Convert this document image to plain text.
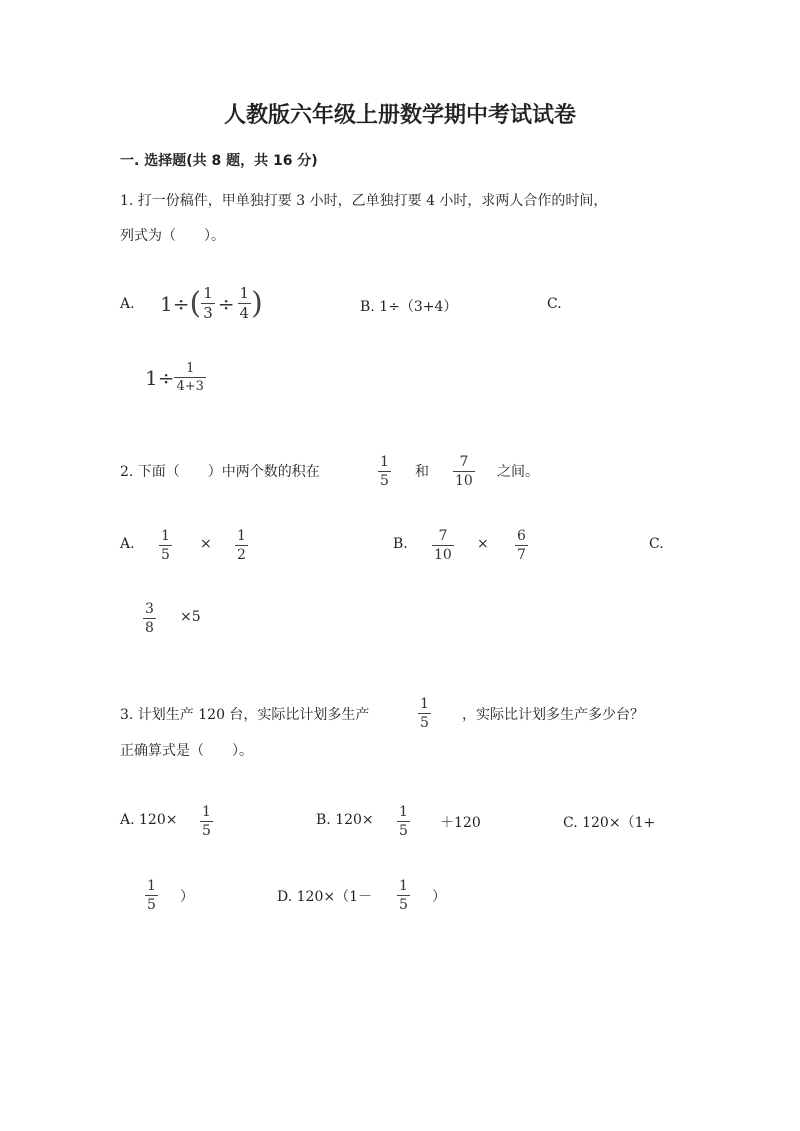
人教版六年级上册数学期中考试试卷
一. 选择题(共 8 题，共 16 分)
1. 打一份稿件，甲单独打要 3 小时，乙单独打要 4 小时，求两人合作的时间，
列式为（　　）。
A. 1÷ ( $\frac{1}{3} \div \frac{1}{4}$ )	B. 1÷（3+4）	C.
$1\div \frac{1}{4+3}$
2. 下面（　　）中两个数的积在	$\frac{1}{5}$ 和 $\frac{7}{10}$ 之间。
A. $\frac{1}{5} \times \frac{1}{2}$	B. $\frac{7}{10} \times \frac{6}{7}$	C.
$\frac{3}{8} \times 5$
3. 计划生产 120 台，实际比计划多生产	$\frac{1}{5}$ ，实际比计划多生产多少台？
正确算式是（　　）。
A. $120\times \frac{1}{5}$	B. $120\times \frac{1}{5} +120$	C. 120×（1+
$\frac{1}{5}$ ）	D. $120\times(1- \frac{1}{5}$ ）
